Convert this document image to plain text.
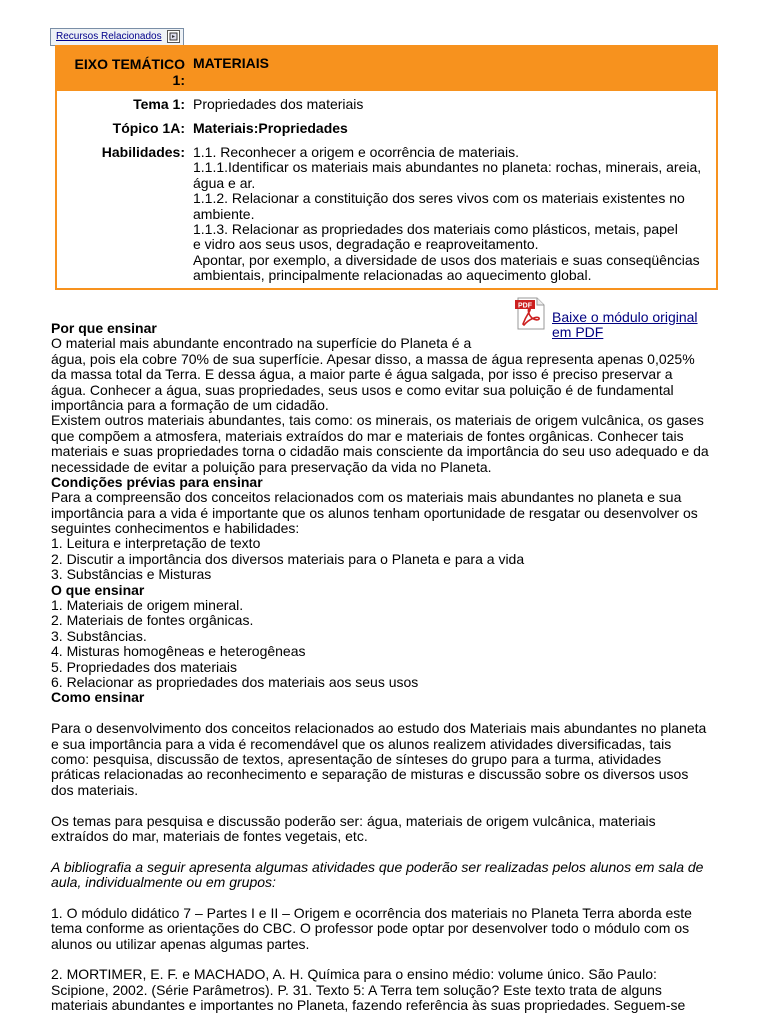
Recursos Relacionados
EIXO TEMÁTICO
1:
MATERIAIS
Tema 1: Propriedades dos materiais
Tópico 1A: Materiais:Propriedades
Habilidades: 1.1. Reconhecer a origem e ocorrência de materiais.
1.1.1.Identificar os materiais mais abundantes no planeta: rochas, minerais, areia,
água e ar.
1.1.2. Relacionar a constituição dos seres vivos com os materiais existentes no
ambiente.
1.1.3. Relacionar as propriedades dos materiais como plásticos, metais, papel
e vidro aos seus usos, degradação e reaproveitamento.
Apontar, por exemplo, a diversidade de usos dos materiais e suas conseqüências
ambientais, principalmente relacionadas ao aquecimento global.
PDF
Baixe o módulo original
em PDF
Por que ensinar
O material mais abundante encontrado na superfície do Planeta é a
água, pois ela cobre 70% de sua superfície. Apesar disso, a massa de água representa apenas 0,025%
da massa total da Terra. E dessa água, a maior parte é água salgada, por isso é preciso preservar a
água. Conhecer a água, suas propriedades, seus usos e como evitar sua poluição é de fundamental
importância para a formação de um cidadão.
Existem outros materiais abundantes, tais como: os minerais, os materiais de origem vulcânica, os gases
que compõem a atmosfera, materiais extraídos do mar e materiais de fontes orgânicas. Conhecer tais
materiais e suas propriedades torna o cidadão mais consciente da importância do seu uso adequado e da
necessidade de evitar a poluição para preservação da vida no Planeta.
Condições prévias para ensinar
Para a compreensão dos conceitos relacionados com os materiais mais abundantes no planeta e sua
importância para a vida é importante que os alunos tenham oportunidade de resgatar ou desenvolver os
seguintes conhecimentos e habilidades:
1. Leitura e interpretação de texto
2. Discutir a importância dos diversos materiais para o Planeta e para a vida
3. Substâncias e Misturas
O que ensinar
1. Materiais de origem mineral.
2. Materiais de fontes orgânicas.
3. Substâncias.
4. Misturas homogêneas e heterogêneas
5. Propriedades dos materiais
6. Relacionar as propriedades dos materiais aos seus usos
Como ensinar
Para o desenvolvimento dos conceitos relacionados ao estudo dos Materiais mais abundantes no planeta
e sua importância para a vida é recomendável que os alunos realizem atividades diversificadas, tais
como: pesquisa, discussão de textos, apresentação de sínteses do grupo para a turma, atividades
práticas relacionadas ao reconhecimento e separação de misturas e discussão sobre os diversos usos
dos materiais.
Os temas para pesquisa e discussão poderão ser: água, materiais de origem vulcânica, materiais
extraídos do mar, materiais de fontes vegetais, etc.
A bibliografia a seguir apresenta algumas atividades que poderão ser realizadas pelos alunos em sala de
aula, individualmente ou em grupos:
1. O módulo didático 7 – Partes I e II – Origem e ocorrência dos materiais no Planeta Terra aborda este
tema conforme as orientações do CBC. O professor pode optar por desenvolver todo o módulo com os
alunos ou utilizar apenas algumas partes.
2. MORTIMER, E. F. e MACHADO, A. H. Química para o ensino médio: volume único. São Paulo:
Scipione, 2002. (Série Parâmetros). P. 31. Texto 5: A Terra tem solução? Este texto trata de alguns
materiais abundantes e importantes no Planeta, fazendo referência às suas propriedades. Seguem-se
